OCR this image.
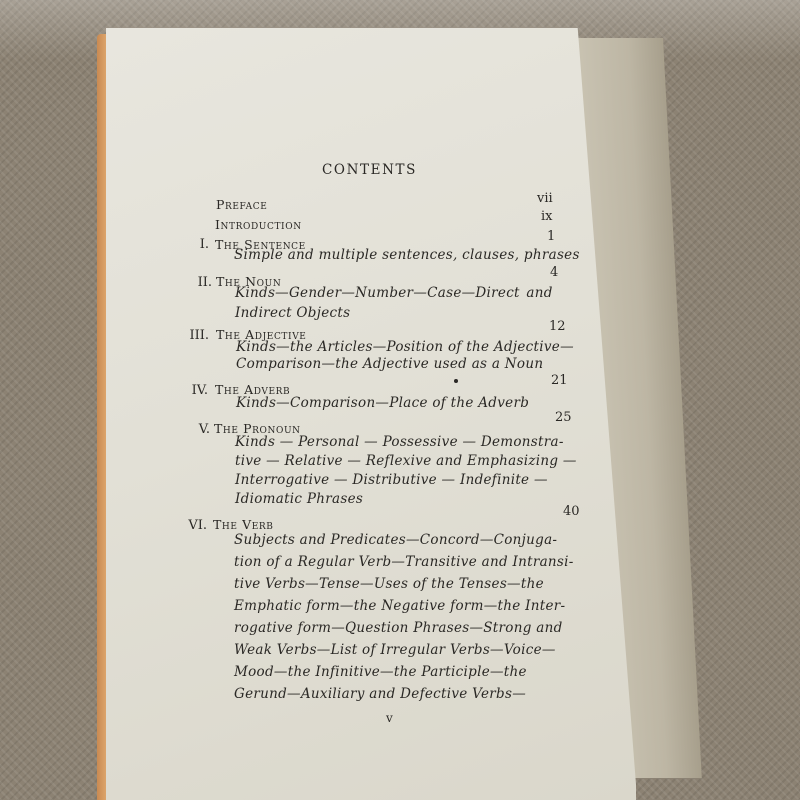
CONTENTS
Preface	vii
Introduction
ix
I. The Sentence
1
Simple and multiple sentences, clauses, phrases
II. The Noun
4
Kinds—Gender—Number—Case—Direct and
Indirect Objects
III. The Adjective
12
Kinds—the Articles—Position of the Adjective—
Comparison—the Adjective used as a Noun
IV. The Adverb
21
Kinds—Comparison—Place of the Adverb
V. The Pronoun
25
Kinds — Personal — Possessive — Demonstra-
tive — Relative — Reflexive and Emphasizing —
Interrogative — Distributive — Indefinite —
Idiomatic Phrases
VI. The Verb
40
Subjects and Predicates—Concord—Conjuga-
tion of a Regular Verb—Transitive and Intransi-
tive Verbs—Tense—Uses of the Tenses—the
Emphatic form—the Negative form—the Inter-
rogative form—Question Phrases—Strong and
Weak Verbs—List of Irregular Verbs—Voice—
Mood—the Infinitive—the Participle—the
Gerund—Auxiliary and Defective Verbs—
v
